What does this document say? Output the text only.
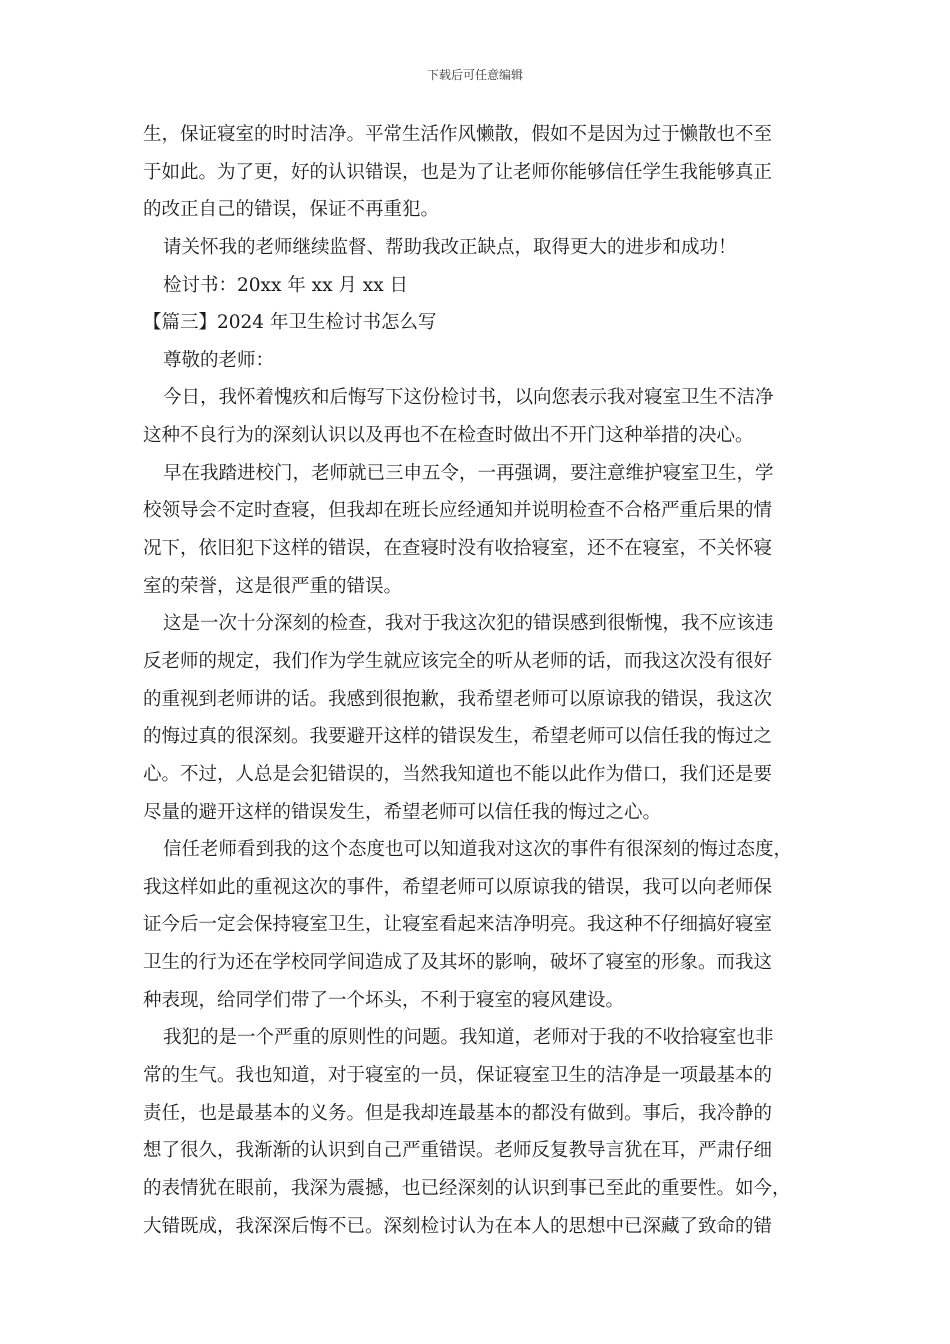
下载后可任意编辑
生，保证寝室的时时洁净。平常生活作风懒散，假如不是因为过于懒散也不至
于如此。为了更，好的认识错误，也是为了让老师你能够信任学生我能够真正
的改正自己的错误，保证不再重犯。
请关怀我的老师继续监督、帮助我改正缺点，取得更大的进步和成功！
检讨书：20xx 年 xx 月 xx 日
【篇三】2024 年卫生检讨书怎么写
尊敬的老师：
今日，我怀着愧疚和后悔写下这份检讨书，以向您表示我对寝室卫生不洁净
这种不良行为的深刻认识以及再也不在检查时做出不开门这种举措的决心。
早在我踏进校门，老师就已三申五令，一再强调，要注意维护寝室卫生，学
校领导会不定时查寝，但我却在班长应经通知并说明检查不合格严重后果的情
况下，依旧犯下这样的错误，在查寝时没有收拾寝室，还不在寝室，不关怀寝
室的荣誉，这是很严重的错误。
这是一次十分深刻的检查，我对于我这次犯的错误感到很惭愧，我不应该违
反老师的规定，我们作为学生就应该完全的听从老师的话，而我这次没有很好
的重视到老师讲的话。我感到很抱歉，我希望老师可以原谅我的错误，我这次
的悔过真的很深刻。我要避开这样的错误发生，希望老师可以信任我的悔过之
心。不过，人总是会犯错误的，当然我知道也不能以此作为借口，我们还是要
尽量的避开这样的错误发生，希望老师可以信任我的悔过之心。
信任老师看到我的这个态度也可以知道我对这次的事件有很深刻的悔过态度，
我这样如此的重视这次的事件，希望老师可以原谅我的错误，我可以向老师保
证今后一定会保持寝室卫生，让寝室看起来洁净明亮。我这种不仔细搞好寝室
卫生的行为还在学校同学间造成了及其坏的影响，破坏了寝室的形象。而我这
种表现，给同学们带了一个坏头，不利于寝室的寝风建设。
我犯的是一个严重的原则性的问题。我知道，老师对于我的不收拾寝室也非
常的生气。我也知道，对于寝室的一员，保证寝室卫生的洁净是一项最基本的
责任，也是最基本的义务。但是我却连最基本的都没有做到。事后，我冷静的
想了很久，我渐渐的认识到自己严重错误。老师反复教导言犹在耳，严肃仔细
的表情犹在眼前，我深为震撼，也已经深刻的认识到事已至此的重要性。如今，
大错既成，我深深后悔不已。深刻检讨认为在本人的思想中已深藏了致命的错
